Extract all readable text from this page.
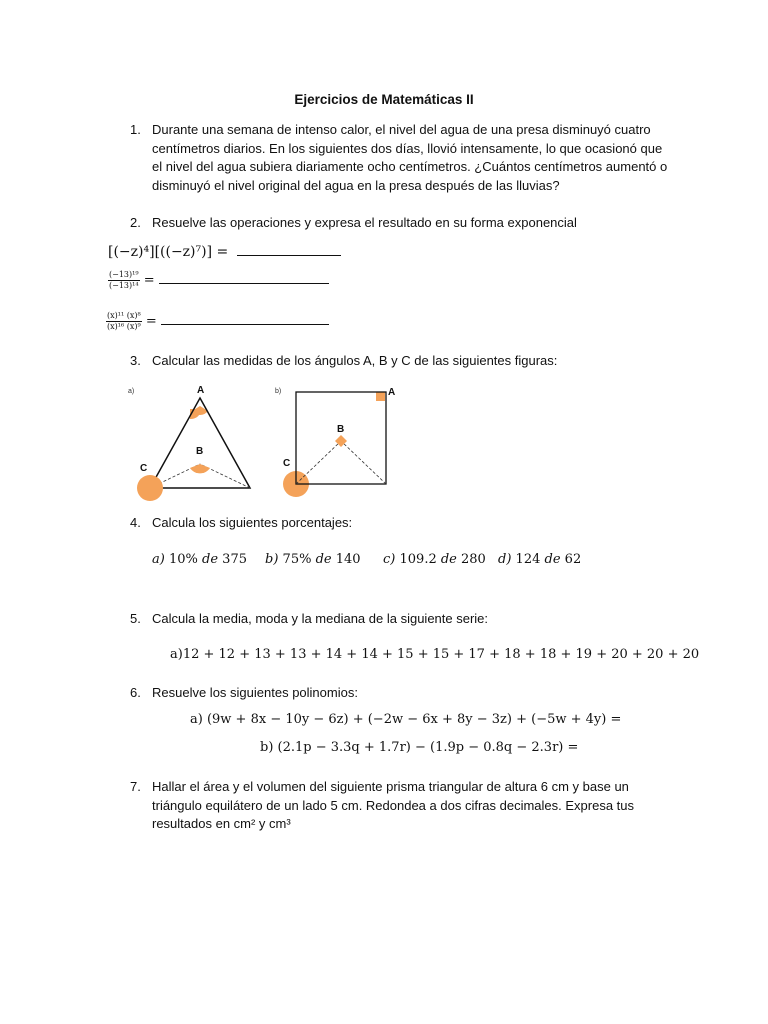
Ejercicios de Matemáticas II
1. Durante una semana de intenso calor, el nivel del agua de una presa disminuyó cuatro centímetros diarios. En los siguientes dos días, llovió intensamente, lo que ocasionó que el nivel del agua subiera diariamente ocho centímetros. ¿Cuántos centímetros aumentó o disminuyó el nivel original del agua en la presa después de las lluvias?
2. Resuelve las operaciones y expresa el resultado en su forma exponencial
[(−z)⁴][((−z)⁷)] =
$\frac{\text{(−13)¹⁹}}{\text{(−13)¹⁴}}$ =
$\frac{\text{(x)¹¹ (x)⁸}}{\text{(x)¹⁶ (x)⁹}}$ =
3. Calcular las medidas de los ángulos A, B y C de las siguientes figuras:
a)	A
B
C
b)	A
B
C
4. Calcula los siguientes porcentajes:
a) 10% de 375 b) 75% de 140 c) 109.2 de 280 d) 124 de 62
5. Calcula la media, moda y la mediana de la siguiente serie:
a)12 + 12 + 13 + 13 + 14 + 14 + 15 + 15 + 17 + 18 + 18 + 19 + 20 + 20 + 20
6. Resuelve los siguientes polinomios:
a) (9w + 8x − 10y − 6z) + (−2w − 6x + 8y − 3z) + (−5w + 4y) =
b) (2.1p − 3.3q + 1.7r) − (1.9p − 0.8q − 2.3r) =
7. Hallar el área y el volumen del siguiente prisma triangular de altura 6 cm y base un triángulo equilátero de un lado 5 cm. Redondea a dos cifras decimales. Expresa tus resultados en cm² y cm³
